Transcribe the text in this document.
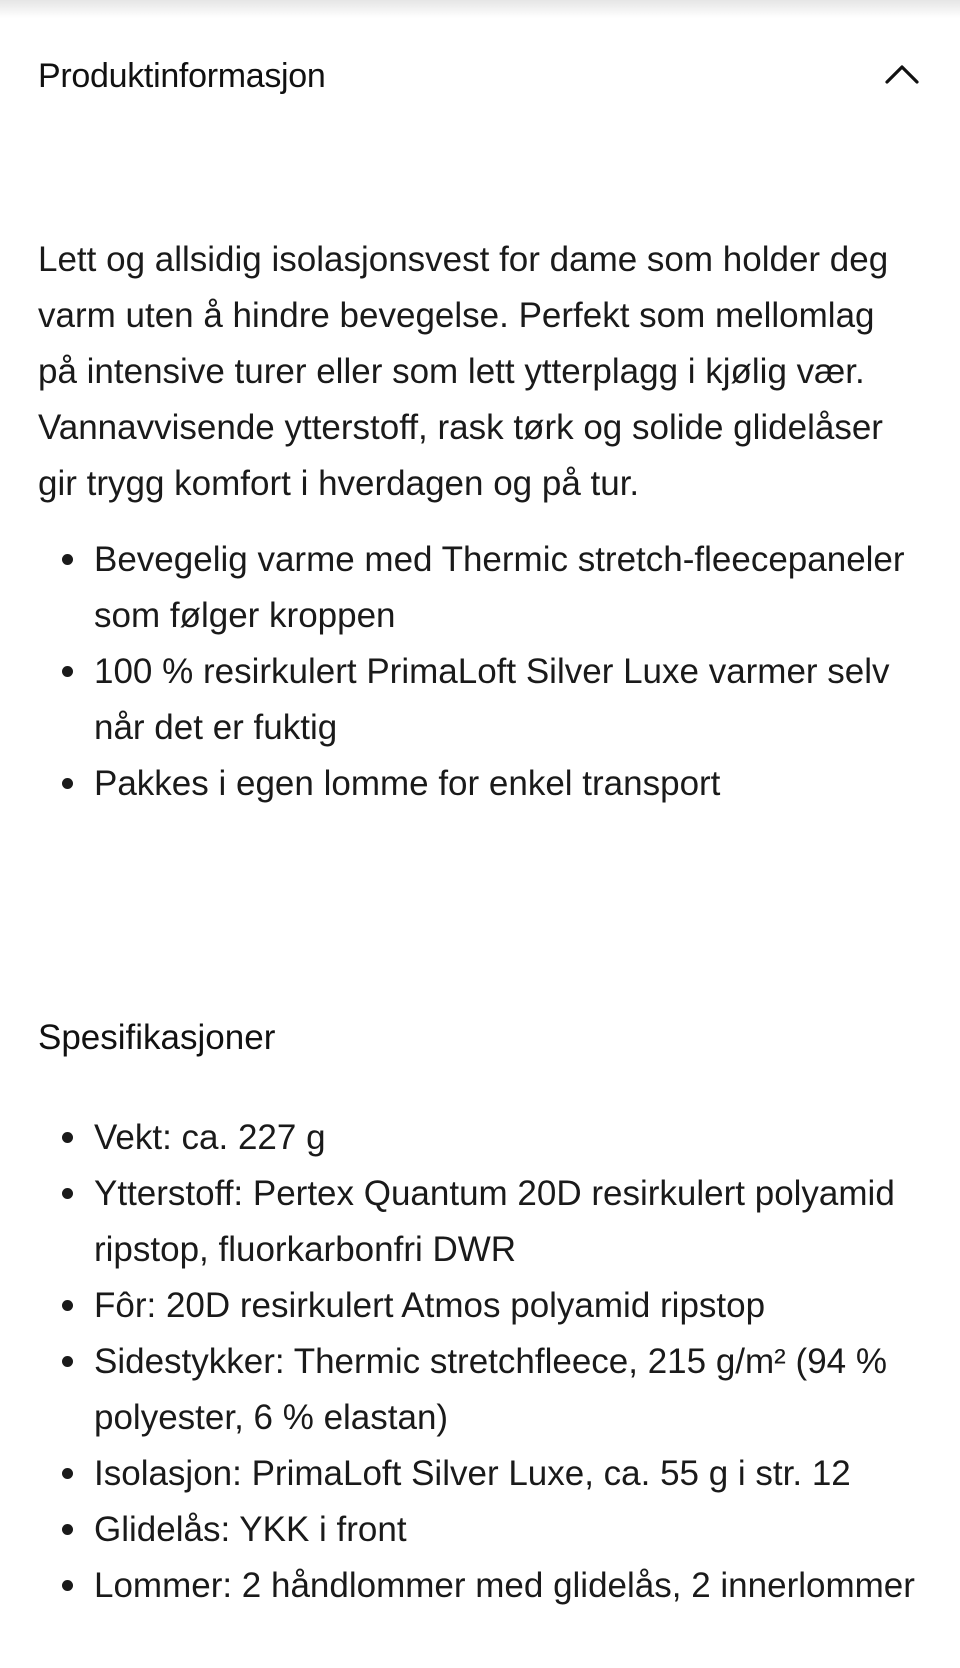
Produktinformasjon

Lett og allsidig isolasjonsvest for dame som holder deg varm uten å hindre bevegelse. Perfekt som mellomlag på intensive turer eller som lett ytterplagg i kjølig vær. Vannavvisende ytterstoff, rask tørk og solide glidelåser gir trygg komfort i hverdagen og på tur.

Bevegelig varme med Thermic stretch-fleecepaneler som følger kroppen
100 % resirkulert PrimaLoft Silver Luxe varmer selv når det er fuktig
Pakkes i egen lomme for enkel transport
Spesifikasjoner
Vekt: ca. 227 g
Ytterstoff: Pertex Quantum 20D resirkulert polyamid ripstop, fluorkarbonfri DWR
Fôr: 20D resirkulert Atmos polyamid ripstop
Sidestykker: Thermic stretchfleece, 215 g/m² (94 % polyester, 6 % elastan)
Isolasjon: PrimaLoft Silver Luxe, ca. 55 g i str. 12
Glidelås: YKK i front
Lommer: 2 håndlommer med glidelås, 2 innerlommer
